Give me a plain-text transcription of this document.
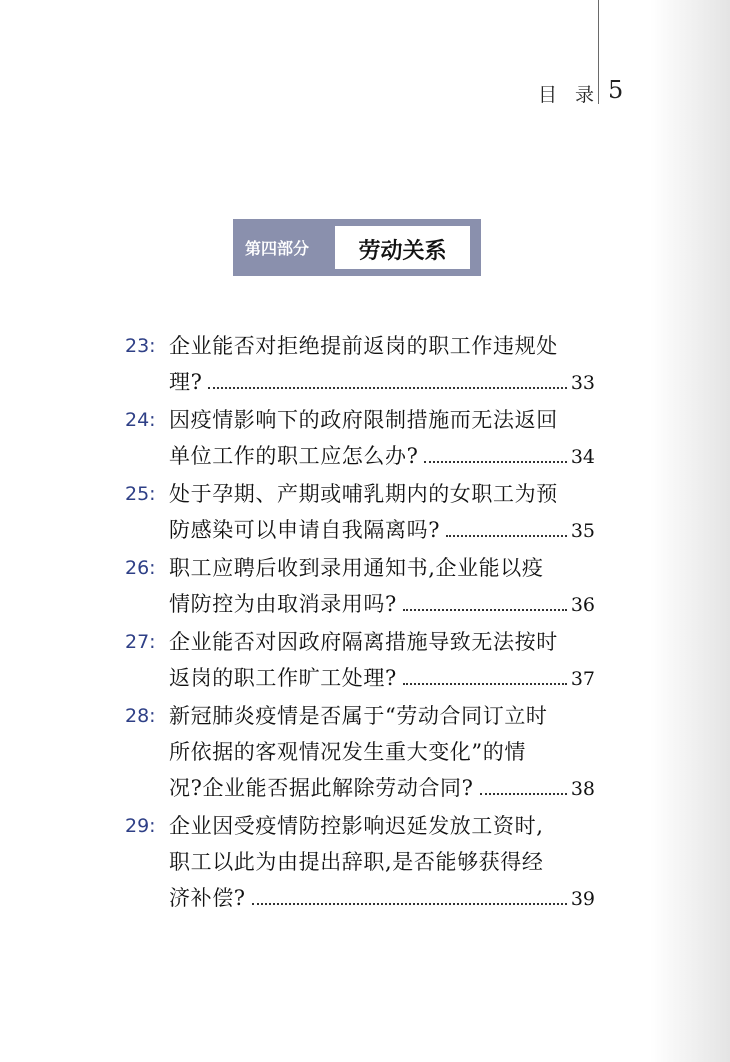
目 录 5
第四部分	劳动关系
23: 企业能否对拒绝提前返岗的职工作违规处
理?	33
24: 因疫情影响下的政府限制措施而无法返回
单位工作的职工应怎么办?	34
25: 处于孕期、产期或哺乳期内的女职工为预
防感染可以申请自我隔离吗?	35
26: 职工应聘后收到录用通知书,企业能以疫
情防控为由取消录用吗?	36
27: 企业能否对因政府隔离措施导致无法按时
返岗的职工作旷工处理?	37
28: 新冠肺炎疫情是否属于“劳动合同订立时
所依据的客观情况发生重大变化”的情
况?企业能否据此解除劳动合同?	38
29: 企业因受疫情防控影响迟延发放工资时,
职工以此为由提出辞职,是否能够获得经
济补偿?	39
